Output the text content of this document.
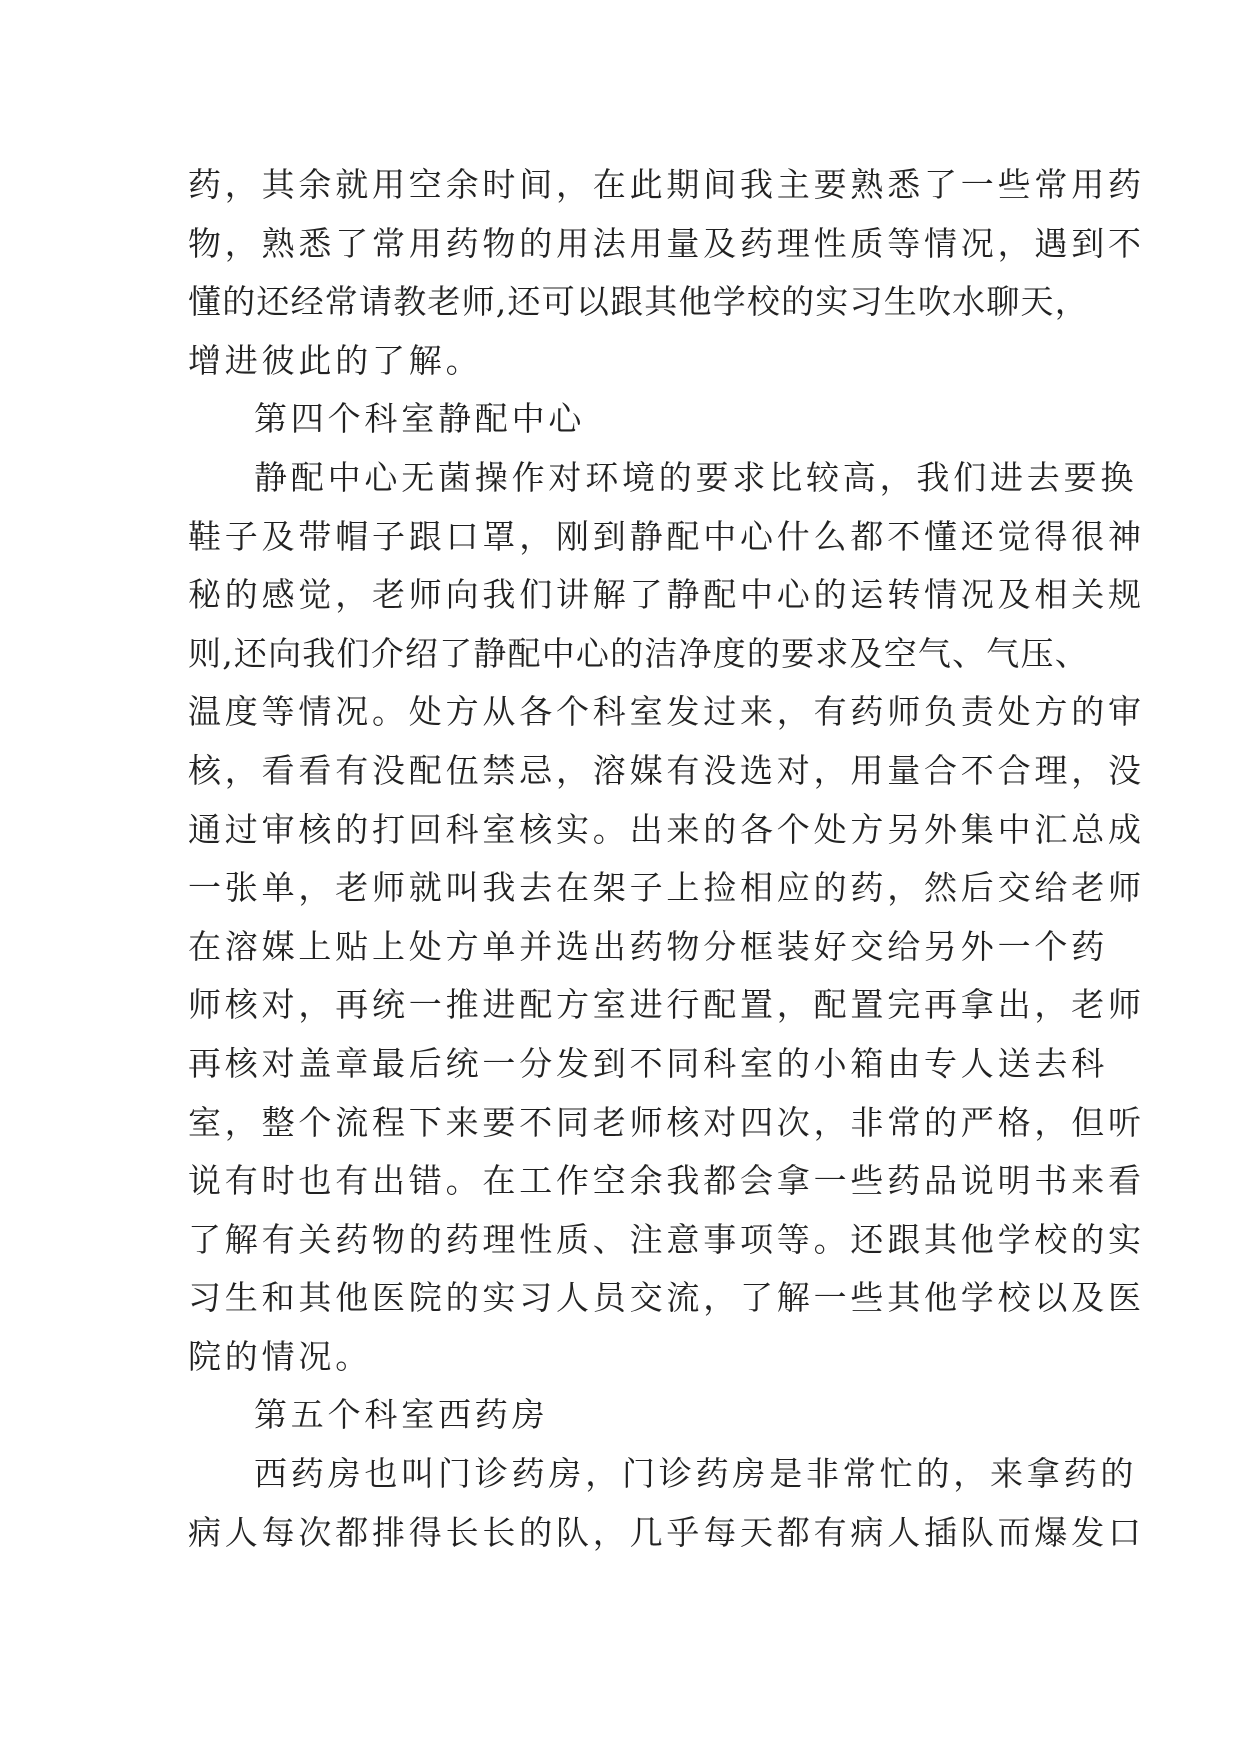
药，其余就用空余时间，在此期间我主要熟悉了一些常用药
物，熟悉了常用药物的用法用量及药理性质等情况，遇到不
懂的还经常请教老师,还可以跟其他学校的实习生吹水聊天，
增进彼此的了解。
第四个科室静配中心
静配中心无菌操作对环境的要求比较高，我们进去要换
鞋子及带帽子跟口罩，刚到静配中心什么都不懂还觉得很神
秘的感觉，老师向我们讲解了静配中心的运转情况及相关规
则,还向我们介绍了静配中心的洁净度的要求及空气、气压、
温度等情况。处方从各个科室发过来，有药师负责处方的审
核，看看有没配伍禁忌，溶媒有没选对，用量合不合理，没
通过审核的打回科室核实。出来的各个处方另外集中汇总成
一张单，老师就叫我去在架子上捡相应的药，然后交给老师
在溶媒上贴上处方单并选出药物分框装好交给另外一个药
师核对，再统一推进配方室进行配置，配置完再拿出，老师
再核对盖章最后统一分发到不同科室的小箱由专人送去科
室，整个流程下来要不同老师核对四次，非常的严格，但听
说有时也有出错。在工作空余我都会拿一些药品说明书来看
了解有关药物的药理性质、注意事项等。还跟其他学校的实
习生和其他医院的实习人员交流，了解一些其他学校以及医
院的情况。
第五个科室西药房
西药房也叫门诊药房，门诊药房是非常忙的，来拿药的
病人每次都排得长长的队，几乎每天都有病人插队而爆发口
